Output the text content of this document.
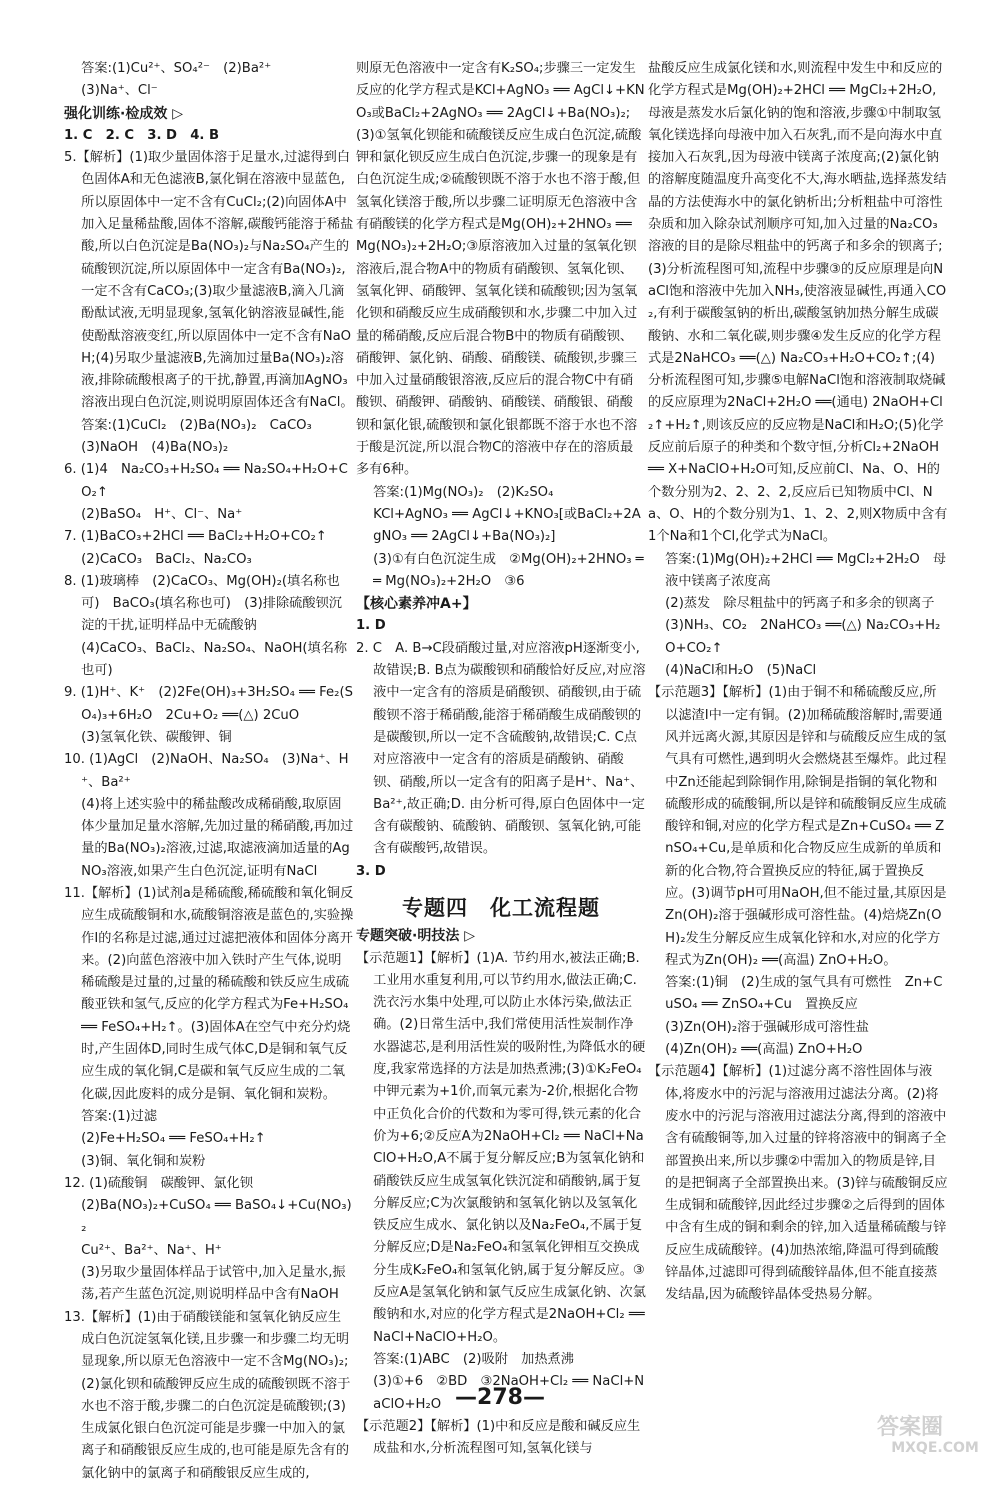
答案:(1)Cu²⁺、SO₄²⁻　(2)Ba²⁺

(3)Na⁺、Cl⁻

强化训练·检成效 ▷

1. C　2. C　3. D　4. B

5.【解析】(1)取少量固体溶于足量水,过滤得到白色固体A和无色滤液B,氯化铜在溶液中显蓝色,所以原固体中一定不含有CuCl₂;(2)向固体A中加入足量稀盐酸,固体不溶解,碳酸钙能溶于稀盐酸,所以白色沉淀是Ba(NO₃)₂与Na₂SO₄产生的硫酸钡沉淀,所以原固体中一定含有Ba(NO₃)₂,一定不含有CaCO₃;(3)取少量滤液B,滴入几滴酚酞试液,无明显现象,氢氧化钠溶液显碱性,能使酚酞溶液变红,所以原固体中一定不含有NaOH;(4)另取少量滤液B,先滴加过量Ba(NO₃)₂溶液,排除硫酸根离子的干扰,静置,再滴加AgNO₃溶液出现白色沉淀,则说明原固体还含有NaCl。

答案:(1)CuCl₂　(2)Ba(NO₃)₂　CaCO₃

(3)NaOH　(4)Ba(NO₃)₂

6. (1)4　Na₂CO₃+H₂SO₄ ══ Na₂SO₄+H₂O+CO₂↑

(2)BaSO₄　H⁺、Cl⁻、Na⁺

7. (1)BaCO₃+2HCl ══ BaCl₂+H₂O+CO₂↑

(2)CaCO₃　BaCl₂、Na₂CO₃

8. (1)玻璃棒　(2)CaCO₃、Mg(OH)₂(填名称也可)　BaCO₃(填名称也可)　(3)排除硫酸钡沉淀的干扰,证明样品中无硫酸钠

(4)CaCO₃、BaCl₂、Na₂SO₄、NaOH(填名称也可)

9. (1)H⁺、K⁺　(2)2Fe(OH)₃+3H₂SO₄ ══ Fe₂(SO₄)₃+6H₂O　2Cu+O₂ ══(△) 2CuO

(3)氢氧化铁、碳酸钾、铜

10. (1)AgCl　(2)NaOH、Na₂SO₄　(3)Na⁺、H⁺、Ba²⁺

(4)将上述实验中的稀盐酸改成稀硝酸,取原固体少量加足量水溶解,先加过量的稀硝酸,再加过量的Ba(NO₃)₂溶液,过滤,取滤液滴加适量的AgNO₃溶液,如果产生白色沉淀,证明有NaCl

11.【解析】(1)试剂a是稀硫酸,稀硫酸和氧化铜反应生成硫酸铜和水,硫酸铜溶液是蓝色的,实验操作Ⅰ的名称是过滤,通过过滤把液体和固体分离开来。(2)向蓝色溶液中加入铁时产生气体,说明稀硫酸是过量的,过量的稀硫酸和铁反应生成硫酸亚铁和氢气,反应的化学方程式为Fe+H₂SO₄ ══ FeSO₄+H₂↑。(3)固体A在空气中充分灼烧时,产生固体D,同时生成气体C,D是铜和氧气反应生成的氧化铜,C是碳和氧气反应生成的二氧化碳,因此废料的成分是铜、氧化铜和炭粉。

答案:(1)过滤

(2)Fe+H₂SO₄ ══ FeSO₄+H₂↑

(3)铜、氧化铜和炭粉

12. (1)硫酸铜　碳酸钾、氯化钡

(2)Ba(NO₃)₂+CuSO₄ ══ BaSO₄↓+Cu(NO₃)₂

Cu²⁺、Ba²⁺、Na⁺、H⁺

(3)另取少量固体样品于试管中,加入足量水,振荡,若产生蓝色沉淀,则说明样品中含有NaOH

13.【解析】(1)由于硝酸镁能和氢氧化钠反应生成白色沉淀氢氧化镁,且步骤一和步骤二均无明显现象,所以原无色溶液中一定不含Mg(NO₃)₂;(2)氯化钡和硫酸钾反应生成的硫酸钡既不溶于水也不溶于酸,步骤二的白色沉淀是硫酸钡;(3)生成氯化银白色沉淀可能是步骤一中加入的氯离子和硝酸银反应生成的,也可能是原先含有的氯化钠中的氯离子和硝酸银反应生成的,

则原无色溶液中一定含有K₂SO₄;步骤三一定发生反应的化学方程式是KCl+AgNO₃ ══ AgCl↓+KNO₃或BaCl₂+2AgNO₃ ══ 2AgCl↓+Ba(NO₃)₂;(3)①氢氧化钡能和硫酸镁反应生成白色沉淀,硫酸钾和氯化钡反应生成白色沉淀,步骤一的现象是有白色沉淀生成;②硫酸钡既不溶于水也不溶于酸,但氢氧化镁溶于酸,所以步骤二证明原无色溶液中含有硝酸镁的化学方程式是Mg(OH)₂+2HNO₃ ══ Mg(NO₃)₂+2H₂O;③原溶液加入过量的氢氧化钡溶液后,混合物A中的物质有硝酸钡、氢氧化钡、氢氧化钾、硝酸钾、氢氧化镁和硫酸钡;因为氢氧化钡和硝酸反应生成硝酸钡和水,步骤二中加入过量的稀硝酸,反应后混合物B中的物质有硝酸钡、硝酸钾、氯化钠、硝酸、硝酸镁、硫酸钡,步骤三中加入过量硝酸银溶液,反应后的混合物C中有硝酸钡、硝酸钾、硝酸钠、硝酸镁、硝酸银、硝酸钡和氯化银,硫酸钡和氯化银都既不溶于水也不溶于酸是沉淀,所以混合物C的溶液中存在的溶质最多有6种。

答案:(1)Mg(NO₃)₂　(2)K₂SO₄

KCl+AgNO₃ ══ AgCl↓+KNO₃[或BaCl₂+2AgNO₃ ══ 2AgCl↓+Ba(NO₃)₂]

(3)①有白色沉淀生成　②Mg(OH)₂+2HNO₃ ══ Mg(NO₃)₂+2H₂O　③6

【核心素养冲A+】

1. D

2. C　A. B→C段硝酸过量,对应溶液pH逐渐变小,故错误;B. B点为碳酸钡和硝酸恰好反应,对应溶液中一定含有的溶质是硝酸钡、硝酸钡,由于硫酸钡不溶于稀硝酸,能溶于稀硝酸生成硝酸钡的是碳酸钡,所以一定不含硫酸钠,故错误;C. C点对应溶液中一定含有的溶质是硝酸钠、硝酸钡、硝酸,所以一定含有的阳离子是H⁺、Na⁺、Ba²⁺,故正确;D. 由分析可得,原白色固体中一定含有碳酸钠、硫酸钠、硝酸钡、氢氧化钠,可能含有碳酸钙,故错误。

3. D

专题四　化工流程题

专题突破·明技法 ▷

【示范题1】【解析】(1)A. 节约用水,被法正确;B. 工业用水重复利用,可以节约用水,做法正确;C. 洗衣污水集中处理,可以防止水体污染,做法正确。(2)日常生活中,我们常使用活性炭制作净水器滤芯,是利用活性炭的吸附性,为降低水的硬度,我家常选择的方法是加热煮沸;(3)①K₂FeO₄中钾元素为+1价,而氧元素为-2价,根据化合物中正负化合价的代数和为零可得,铁元素的化合价为+6;②反应A为2NaOH+Cl₂ ══ NaCl+NaClO+H₂O,A不属于复分解反应;B为氢氧化钠和硝酸铁反应生成氢氧化铁沉淀和硝酸钠,属于复分解反应;C为次氯酸钠和氢氧化钠以及氢氧化铁反应生成水、氯化钠以及Na₂FeO₄,不属于复分解反应;D是Na₂FeO₄和氢氧化钾相互交换成分生成K₂FeO₄和氢氧化钠,属于复分解反应。③反应A是氢氧化钠和氯气反应生成氯化钠、次氯酸钠和水,对应的化学方程式是2NaOH+Cl₂ ══ NaCl+NaClO+H₂O。

答案:(1)ABC　(2)吸附　加热煮沸

(3)①+6　②BD　③2NaOH+Cl₂ ══ NaCl+NaClO+H₂O

【示范题2】【解析】(1)中和反应是酸和碱反应生成盐和水,分析流程图可知,氢氧化镁与

盐酸反应生成氯化镁和水,则流程中发生中和反应的化学方程式是Mg(OH)₂+2HCl ══ MgCl₂+2H₂O,母液是蒸发水后氯化钠的饱和溶液,步骤①中制取氢氧化镁选择向母液中加入石灰乳,而不是向海水中直接加入石灰乳,因为母液中镁离子浓度高;(2)氯化钠的溶解度随温度升高变化不大,海水晒盐,选择蒸发结晶的方法使海水中的氯化钠析出;分析粗盐中可溶性杂质和加入除杂试剂顺序可知,加入过量的Na₂CO₃溶液的目的是除尽粗盐中的钙离子和多余的钡离子;(3)分析流程图可知,流程中步骤③的反应原理是向NaCl饱和溶液中先加入NH₃,使溶液显碱性,再通入CO₂,有利于碳酸氢钠的析出,碳酸氢钠加热分解生成碳酸钠、水和二氧化碳,则步骤④发生反应的化学方程式是2NaHCO₃ ══(△) Na₂CO₃+H₂O+CO₂↑;(4)分析流程图可知,步骤⑤电解NaCl饱和溶液制取烧碱的反应原理为2NaCl+2H₂O ══(通电) 2NaOH+Cl₂↑+H₂↑,则该反应的反应物是NaCl和H₂O;(5)化学反应前后原子的种类和个数守恒,分析Cl₂+2NaOH ══ X+NaClO+H₂O可知,反应前Cl、Na、O、H的个数分别为2、2、2、2,反应后已知物质中Cl、Na、O、H的个数分别为1、1、2、2,则X物质中含有1个Na和1个Cl,化学式为NaCl。

答案:(1)Mg(OH)₂+2HCl ══ MgCl₂+2H₂O　母液中镁离子浓度高

(2)蒸发　除尽粗盐中的钙离子和多余的钡离子

(3)NH₃、CO₂　2NaHCO₃ ══(△) Na₂CO₃+H₂O+CO₂↑

(4)NaCl和H₂O　(5)NaCl

【示范题3】【解析】(1)由于铜不和稀硫酸反应,所以滤渣Ⅰ中一定有铜。(2)加稀硫酸溶解时,需要通风并远离火源,其原因是锌和与硫酸反应生成的氢气具有可燃性,遇到明火会燃烧甚至爆炸。此过程中Zn还能起到除铜作用,除铜是指铜的氧化物和硫酸形成的硫酸铜,所以是锌和硫酸铜反应生成硫酸锌和铜,对应的化学方程式是Zn+CuSO₄ ══ ZnSO₄+Cu,是单质和化合物反应生成新的单质和新的化合物,符合置换反应的特征,属于置换反应。(3)调节pH可用NaOH,但不能过量,其原因是Zn(OH)₂溶于强碱形成可溶性盐。(4)焙烧Zn(OH)₂发生分解反应生成氧化锌和水,对应的化学方程式为Zn(OH)₂ ══(高温) ZnO+H₂O。

答案:(1)铜　(2)生成的氢气具有可燃性　Zn+CuSO₄ ══ ZnSO₄+Cu　置换反应

(3)Zn(OH)₂溶于强碱形成可溶性盐

(4)Zn(OH)₂ ══(高温) ZnO+H₂O

【示范题4】【解析】(1)过滤分离不溶性固体与液体,将废水中的污泥与溶液用过滤法分离。(2)将废水中的污泥与溶液用过滤法分离,得到的溶液中含有硫酸铜等,加入过量的锌将溶液中的铜离子全部置换出来,所以步骤②中需加入的物质是锌,目的是把铜离子全部置换出来。(3)锌与硫酸铜反应生成铜和硫酸锌,因此经过步骤②之后得到的固体中含有生成的铜和剩余的锌,加入适量稀硫酸与锌反应生成硫酸锌。(4)加热浓缩,降温可得到硫酸锌晶体,过滤即可得到硫酸锌晶体,但不能直接蒸发结晶,因为硫酸锌晶体受热易分解。

—278—
答案圈
MXQE.COM
